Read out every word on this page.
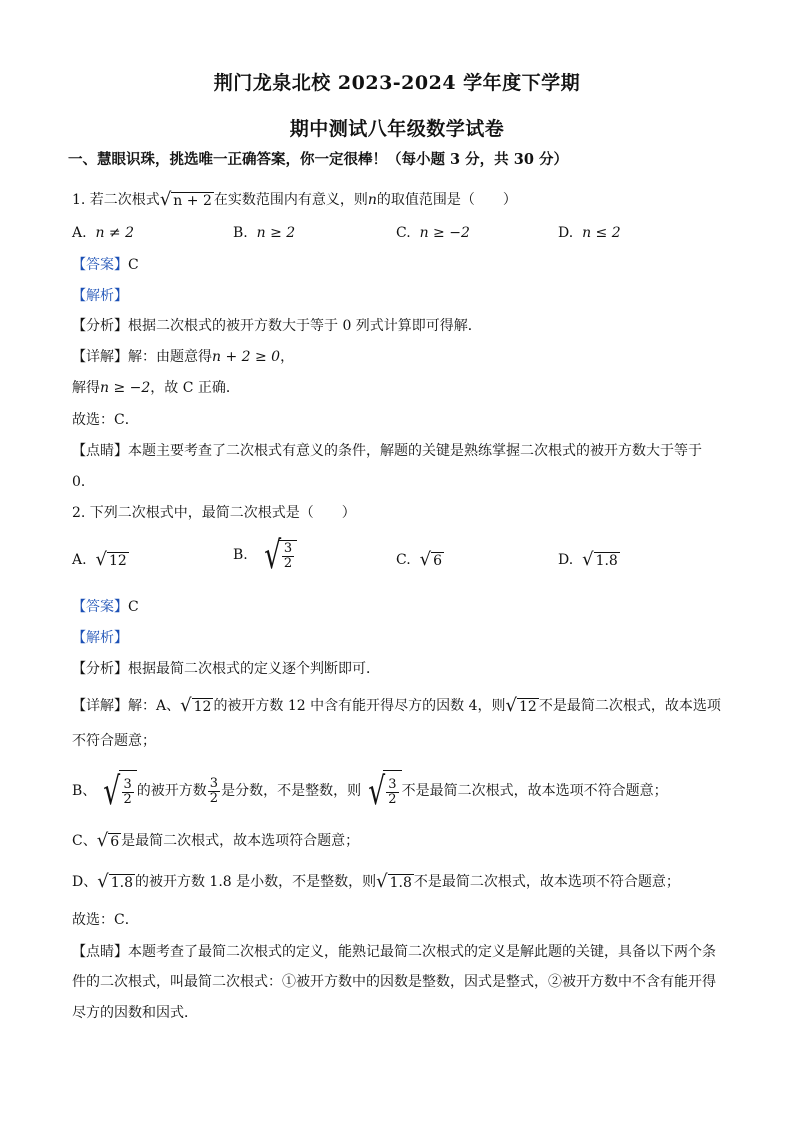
荆门龙泉北校 2023-2024 学年度下学期
期中测试八年级数学试卷
一、慧眼识珠，挑选唯一正确答案，你一定很棒！（每小题 3 分，共 30 分）
1. 若二次根式√ n + 2 在实数范围内有意义，则n的取值范围是（　　）
A. n ≠ 2	B. n ≥ 2	C. n ≥ −2	D. n ≤ 2
【答案】C
【解析】
【分析】根据二次根式的被开方数大于等于 0 列式计算即可得解．
【详解】解：由题意得n + 2 ≥ 0，
解得n ≥ −2，故 C 正确．
故选：C．
【点睛】本题主要考查了二次根式有意义的条件，解题的关键是熟练掌握二次根式的被开方数大于等于
0．
2. 下列二次根式中，最简二次根式是（　　）
A. √ 12	B. √ $\frac{3}{2}$	C. √ 6	D. √ 1.8
【答案】C
【解析】
【分析】根据最简二次根式的定义逐个判断即可．
【详解】解：A、√ 12 的被开方数 12 中含有能开得尽方的因数 4，则√ 12 不是最简二次根式，故本选项
不符合题意；
B、 √ $\frac{3}{2}$ 的被开方数 $\frac{3}{2}$ 是分数，不是整数，则 √ $\frac{3}{2}$ 不是最简二次根式，故本选项不符合题意；
C、√ 6 是最简二次根式，故本选项符合题意；
D、√ 1.8 的被开方数 1.8 是小数，不是整数，则√ 1.8 不是最简二次根式，故本选项不符合题意；
故选：C．
【点睛】本题考查了最简二次根式的定义，能熟记最简二次根式的定义是解此题的关键，具备以下两个条
件的二次根式，叫最简二次根式：①被开方数中的因数是整数，因式是整式，②被开方数中不含有能开得
尽方的因数和因式．
